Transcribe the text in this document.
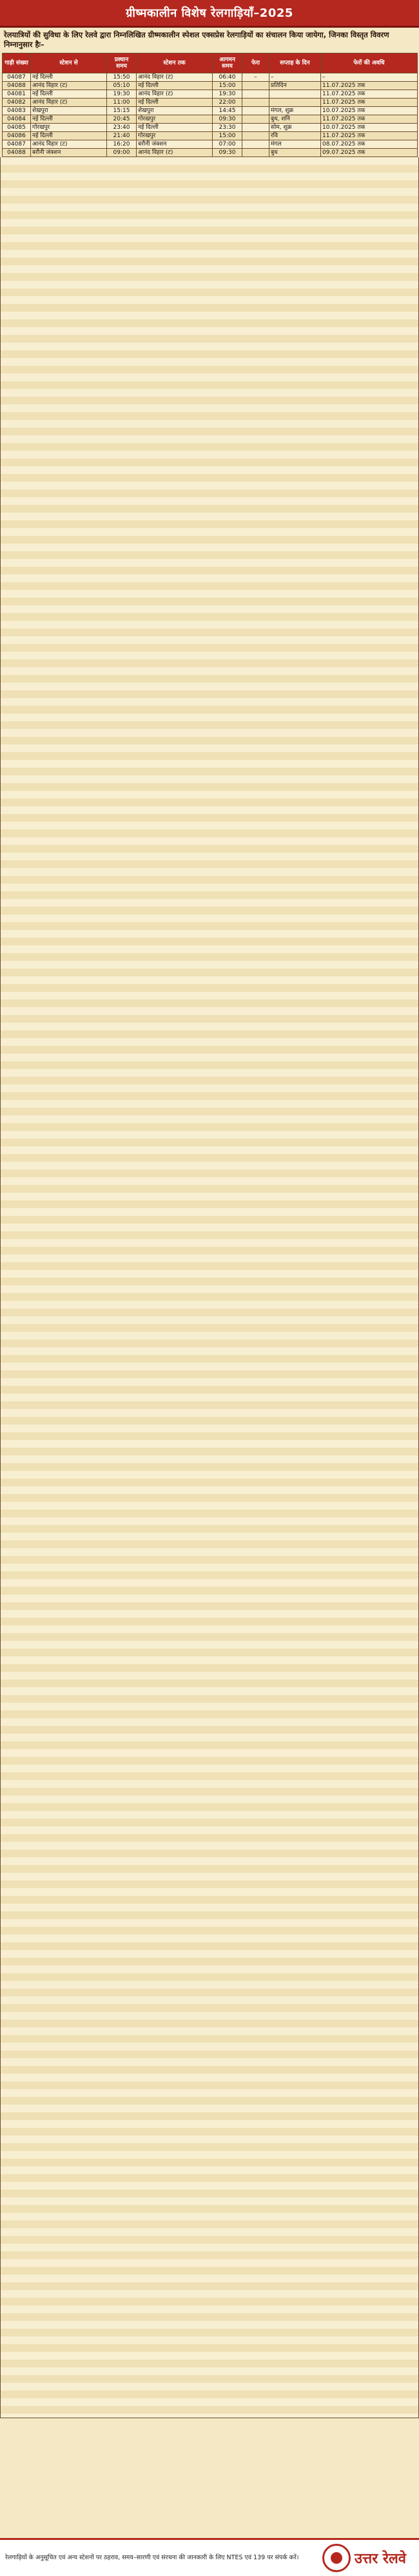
ग्रीष्मकालीन विशेष रेलगाड़ियाँ–2025
रेलयात्रियों की सुविधा के लिए रेलवे द्वारा निम्नलिखित ग्रीष्मकालीन स्पेशल एक्सप्रेस रेलगाड़ियों का संचालन किया जायेगा, जिनका विस्तृत विवरण निम्नानुसार हैः–
गाड़ी संख्या	स्टेशन से	प्रस्थान समय	स्टेशन तक	आगमन समय	फेरा	सप्ताह के दिन	फेरों की अवधि
04087	नई दिल्ली	15:50	आनंद विहार (ट)	06:40	–	–	–
04088	आनंद विहार (ट)	05:10	नई दिल्ली	15:00		प्रतिदिन	11.07.2025 तक
04081	नई दिल्ली	19:30	आनंद विहार (ट)	19:30			11.07.2025 तक
04082	आनंद विहार (ट)	11:00	नई दिल्ली	22:00			11.07.2025 तक
04083	शेखपुरा	15:15	शेखपुरा	14:45		मंगल, शुक्र	10.07.2025 तक
04084	नई दिल्ली	20:45	गोरखपुर	09:30		बुध, शनि	11.07.2025 तक
04085	गोरखपुर	23:40	नई दिल्ली	23:30		सोम, शुक्र	10.07.2025 तक
04086	नई दिल्ली	21:40	गोरखपुर	15:00		रवि	11.07.2025 तक
04087	आनंद विहार (ट)	16:20	बरौनी जंक्शन	07:00		मंगल	08.07.2025 तक
04088	बरौनी जंक्शन	09:00	आनंद विहार (ट)	09:30		बुध	09.07.2025 तक
रेलगाड़ियों के अनुसूचित एवं अन्य स्टेशनों पर ठहराव, समय–सारणी एवं संरचना की जानकारी के लिए NTES एवं 139 पर संपर्क करें।	उत्तर रेलवे
